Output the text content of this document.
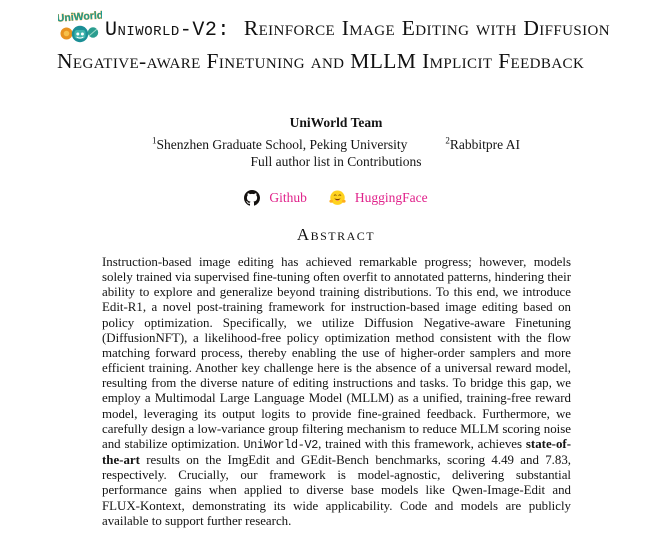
UniWorld
Uniworld-V2: Reinforce Image Editing with Diffusion Negative-aware Finetuning and MLLM Implicit Feedback
UniWorld Team
$^1$Shenzhen Graduate School, Peking University	$^2$Rabbitpre AI
Full author list in Contributions
Github	HuggingFace
Abstract

Instruction-based image editing has achieved remarkable progress; however, models solely trained via supervised fine-tuning often overfit to annotated patterns, hindering their ability to explore and generalize beyond training distributions. To this end, we introduce Edit-R1, a novel post-training framework for instruction-based image editing based on policy optimization. Specifically, we utilize Diffusion Negative-aware Finetuning (DiffusionNFT), a likelihood-free policy optimization method consistent with the flow matching forward process, thereby enabling the use of higher-order samplers and more efficient training. Another key challenge here is the absence of a universal reward model, resulting from the diverse nature of editing instructions and tasks. To bridge this gap, we employ a Multimodal Large Language Model (MLLM) as a unified, training-free reward model, leveraging its output logits to provide fine-grained feedback. Furthermore, we carefully design a low-variance group filtering mechanism to reduce MLLM scoring noise and stabilize optimization. UniWorld-V2, trained with this framework, achieves state-of-the-art results on the ImgEdit and GEdit-Bench benchmarks, scoring 4.49 and 7.83, respectively. Crucially, our framework is model-agnostic, delivering substantial performance gains when applied to diverse base models like Qwen-Image-Edit and FLUX-Kontext, demonstrating its wide applicability. Code and models are publicly available to support further research.
